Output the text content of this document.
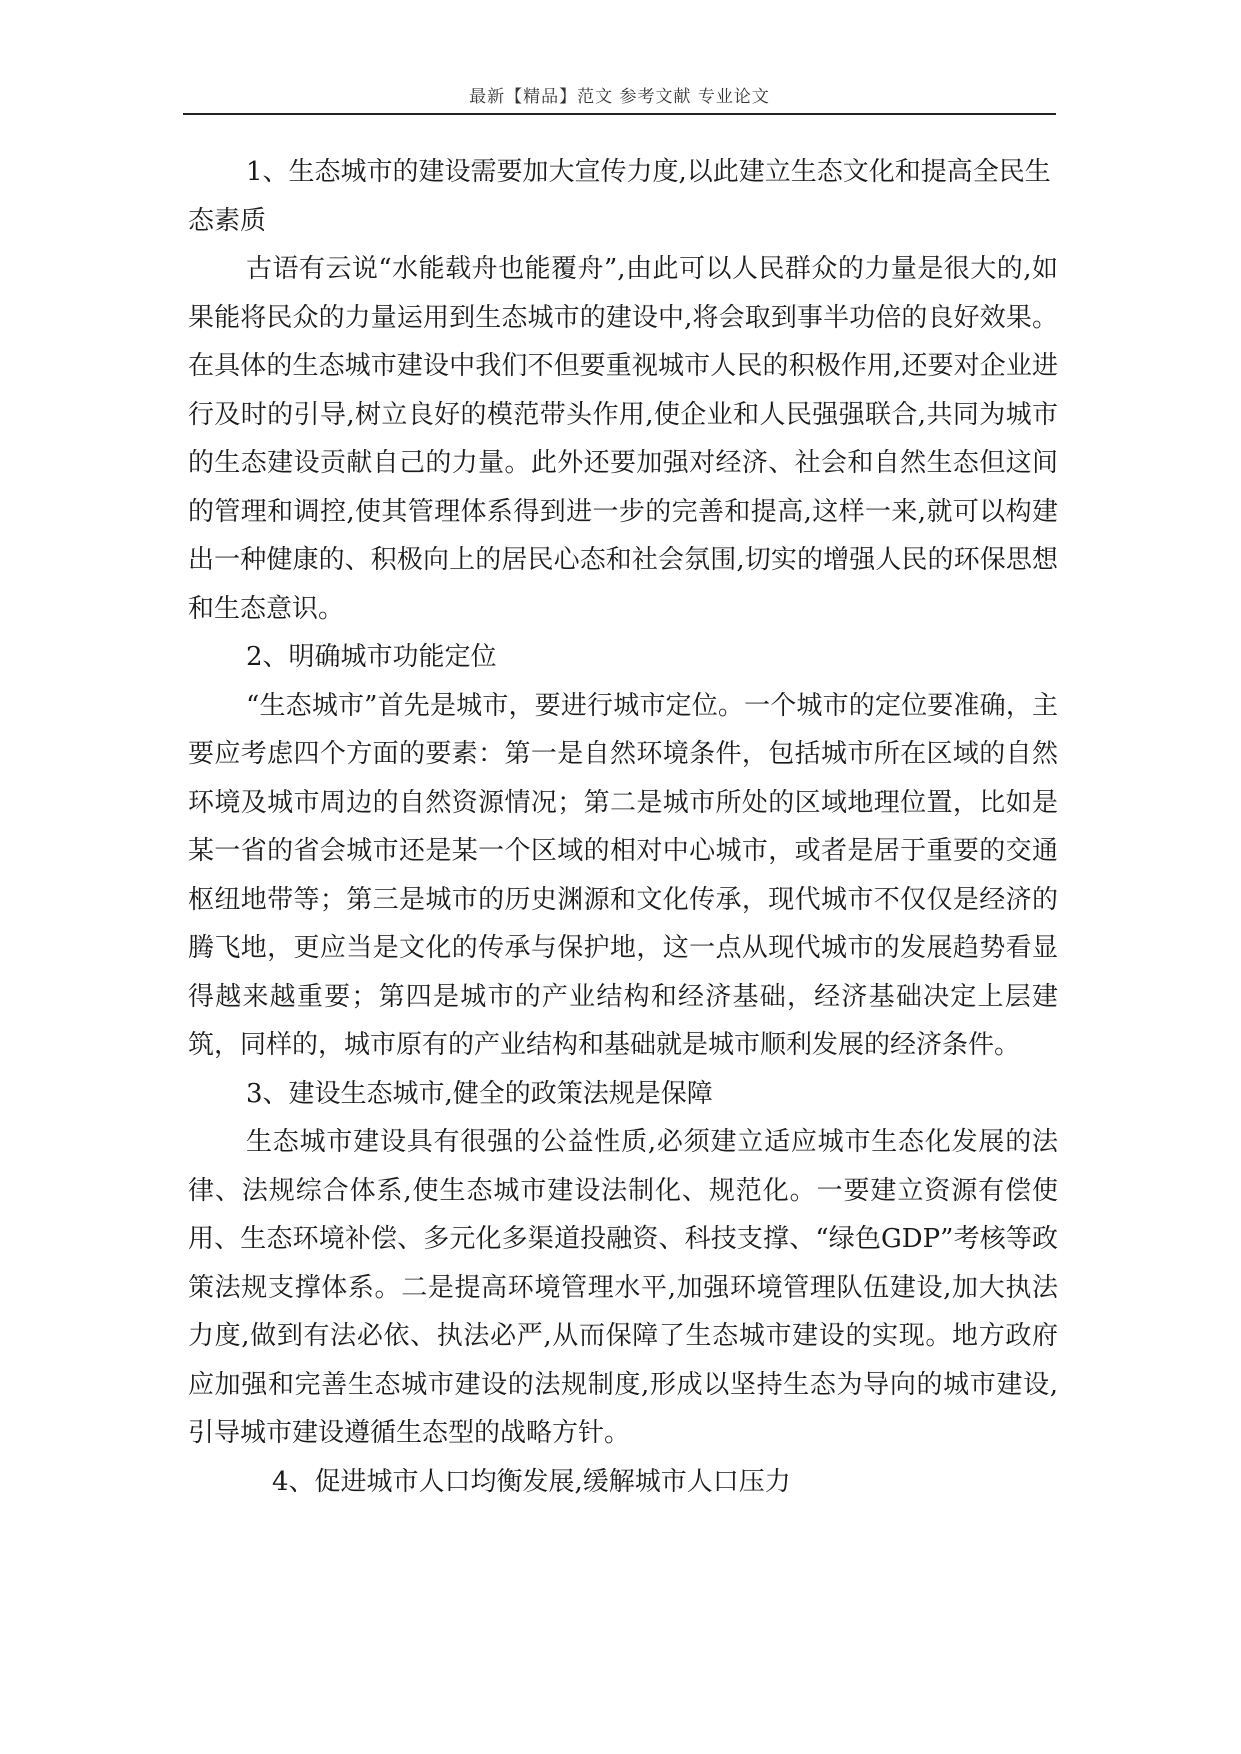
最新【精品】范文 参考文献 专业论文

1、生态城市的建设需要加大宣传力度,以此建立生态文化和提高全民生态素质

古语有云说“水能载舟也能覆舟”,由此可以人民群众的力量是很大的,如果能将民众的力量运用到生态城市的建设中,将会取到事半功倍的良好效果。在具体的生态城市建设中我们不但要重视城市人民的积极作用,还要对企业进行及时的引导,树立良好的模范带头作用,使企业和人民强强联合,共同为城市的生态建设贡献自己的力量。此外还要加强对经济、社会和自然生态但这间的管理和调控,使其管理体系得到进一步的完善和提高,这样一来,就可以构建出一种健康的、积极向上的居民心态和社会氛围,切实的增强人民的环保思想和生态意识。

2、明确城市功能定位

“生态城市”首先是城市，要进行城市定位。一个城市的定位要准确，主要应考虑四个方面的要素：第一是自然环境条件，包括城市所在区域的自然环境及城市周边的自然资源情况；第二是城市所处的区域地理位置，比如是某一省的省会城市还是某一个区域的相对中心城市，或者是居于重要的交通枢纽地带等；第三是城市的历史渊源和文化传承，现代城市不仅仅是经济的腾飞地，更应当是文化的传承与保护地，这一点从现代城市的发展趋势看显得越来越重要；第四是城市的产业结构和经济基础，经济基础决定上层建筑，同样的，城市原有的产业结构和基础就是城市顺利发展的经济条件。

3、建设生态城市,健全的政策法规是保障

生态城市建设具有很强的公益性质,必须建立适应城市生态化发展的法律、法规综合体系,使生态城市建设法制化、规范化。一要建立资源有偿使用、生态环境补偿、多元化多渠道投融资、科技支撑、“绿色GDP”考核等政策法规支撑体系。二是提高环境管理水平,加强环境管理队伍建设,加大执法力度,做到有法必依、执法必严,从而保障了生态城市建设的实现。地方政府应加强和完善生态城市建设的法规制度,形成以坚持生态为导向的城市建设,引导城市建设遵循生态型的战略方针。

4、促进城市人口均衡发展,缓解城市人口压力
